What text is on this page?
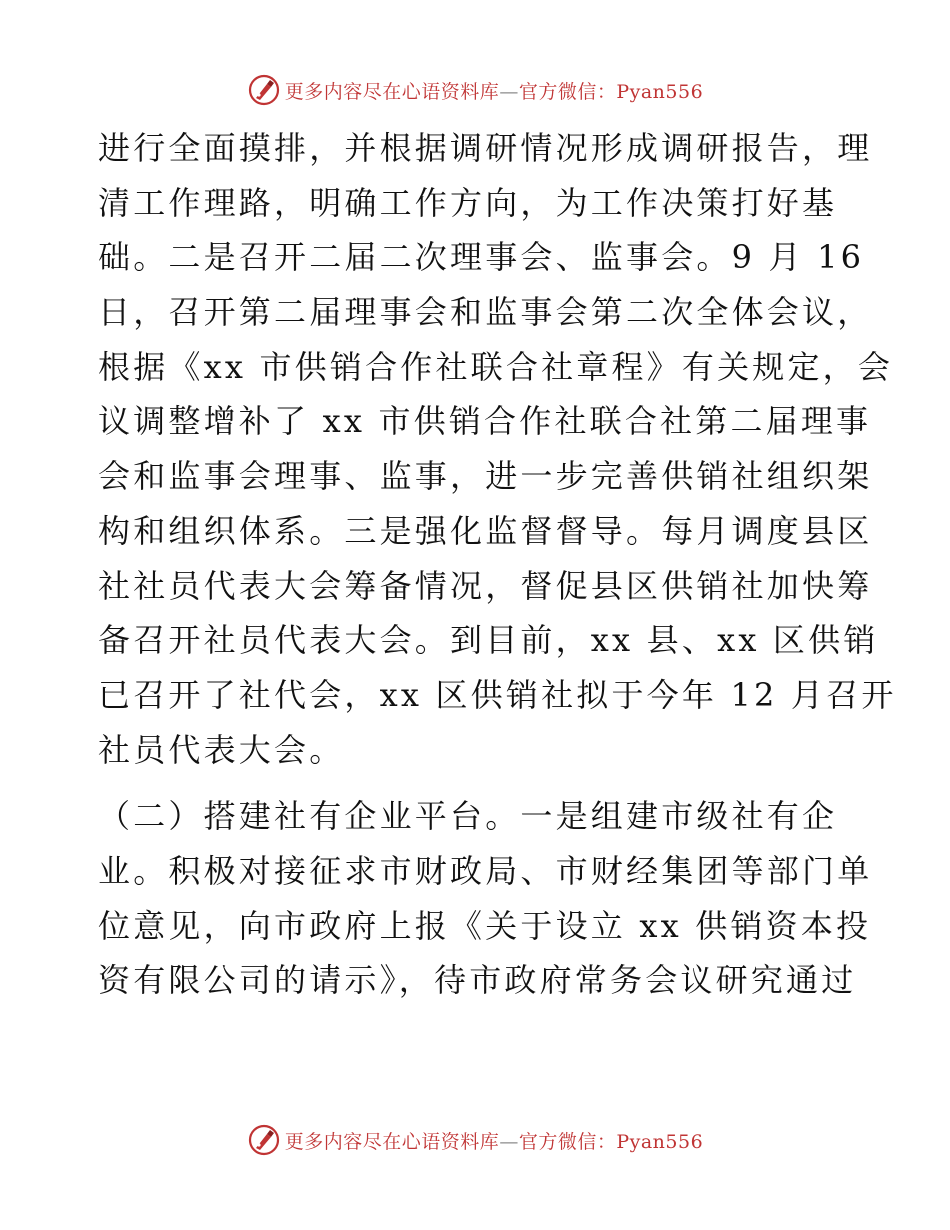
更多内容尽在心语资料库—官方微信：Pyan556
进行全面摸排，并根据调研情况形成调研报告，理
清工作理路，明确工作方向，为工作决策打好基
础。二是召开二届二次理事会、监事会。9 月 16
日，召开第二届理事会和监事会第二次全体会议，
根据《xx 市供销合作社联合社章程》有关规定，会
议调整增补了 xx 市供销合作社联合社第二届理事
会和监事会理事、监事，进一步完善供销社组织架
构和组织体系。三是强化监督督导。每月调度县区
社社员代表大会筹备情况，督促县区供销社加快筹
备召开社员代表大会。到目前，xx 县、xx 区供销
已召开了社代会，xx 区供销社拟于今年 12 月召开
社员代表大会。
（二）搭建社有企业平台。一是组建市级社有企
业。积极对接征求市财政局、市财经集团等部门单
位意见，向市政府上报《关于设立 xx 供销资本投
资有限公司的请示》，待市政府常务会议研究通过
更多内容尽在心语资料库—官方微信：Pyan556
